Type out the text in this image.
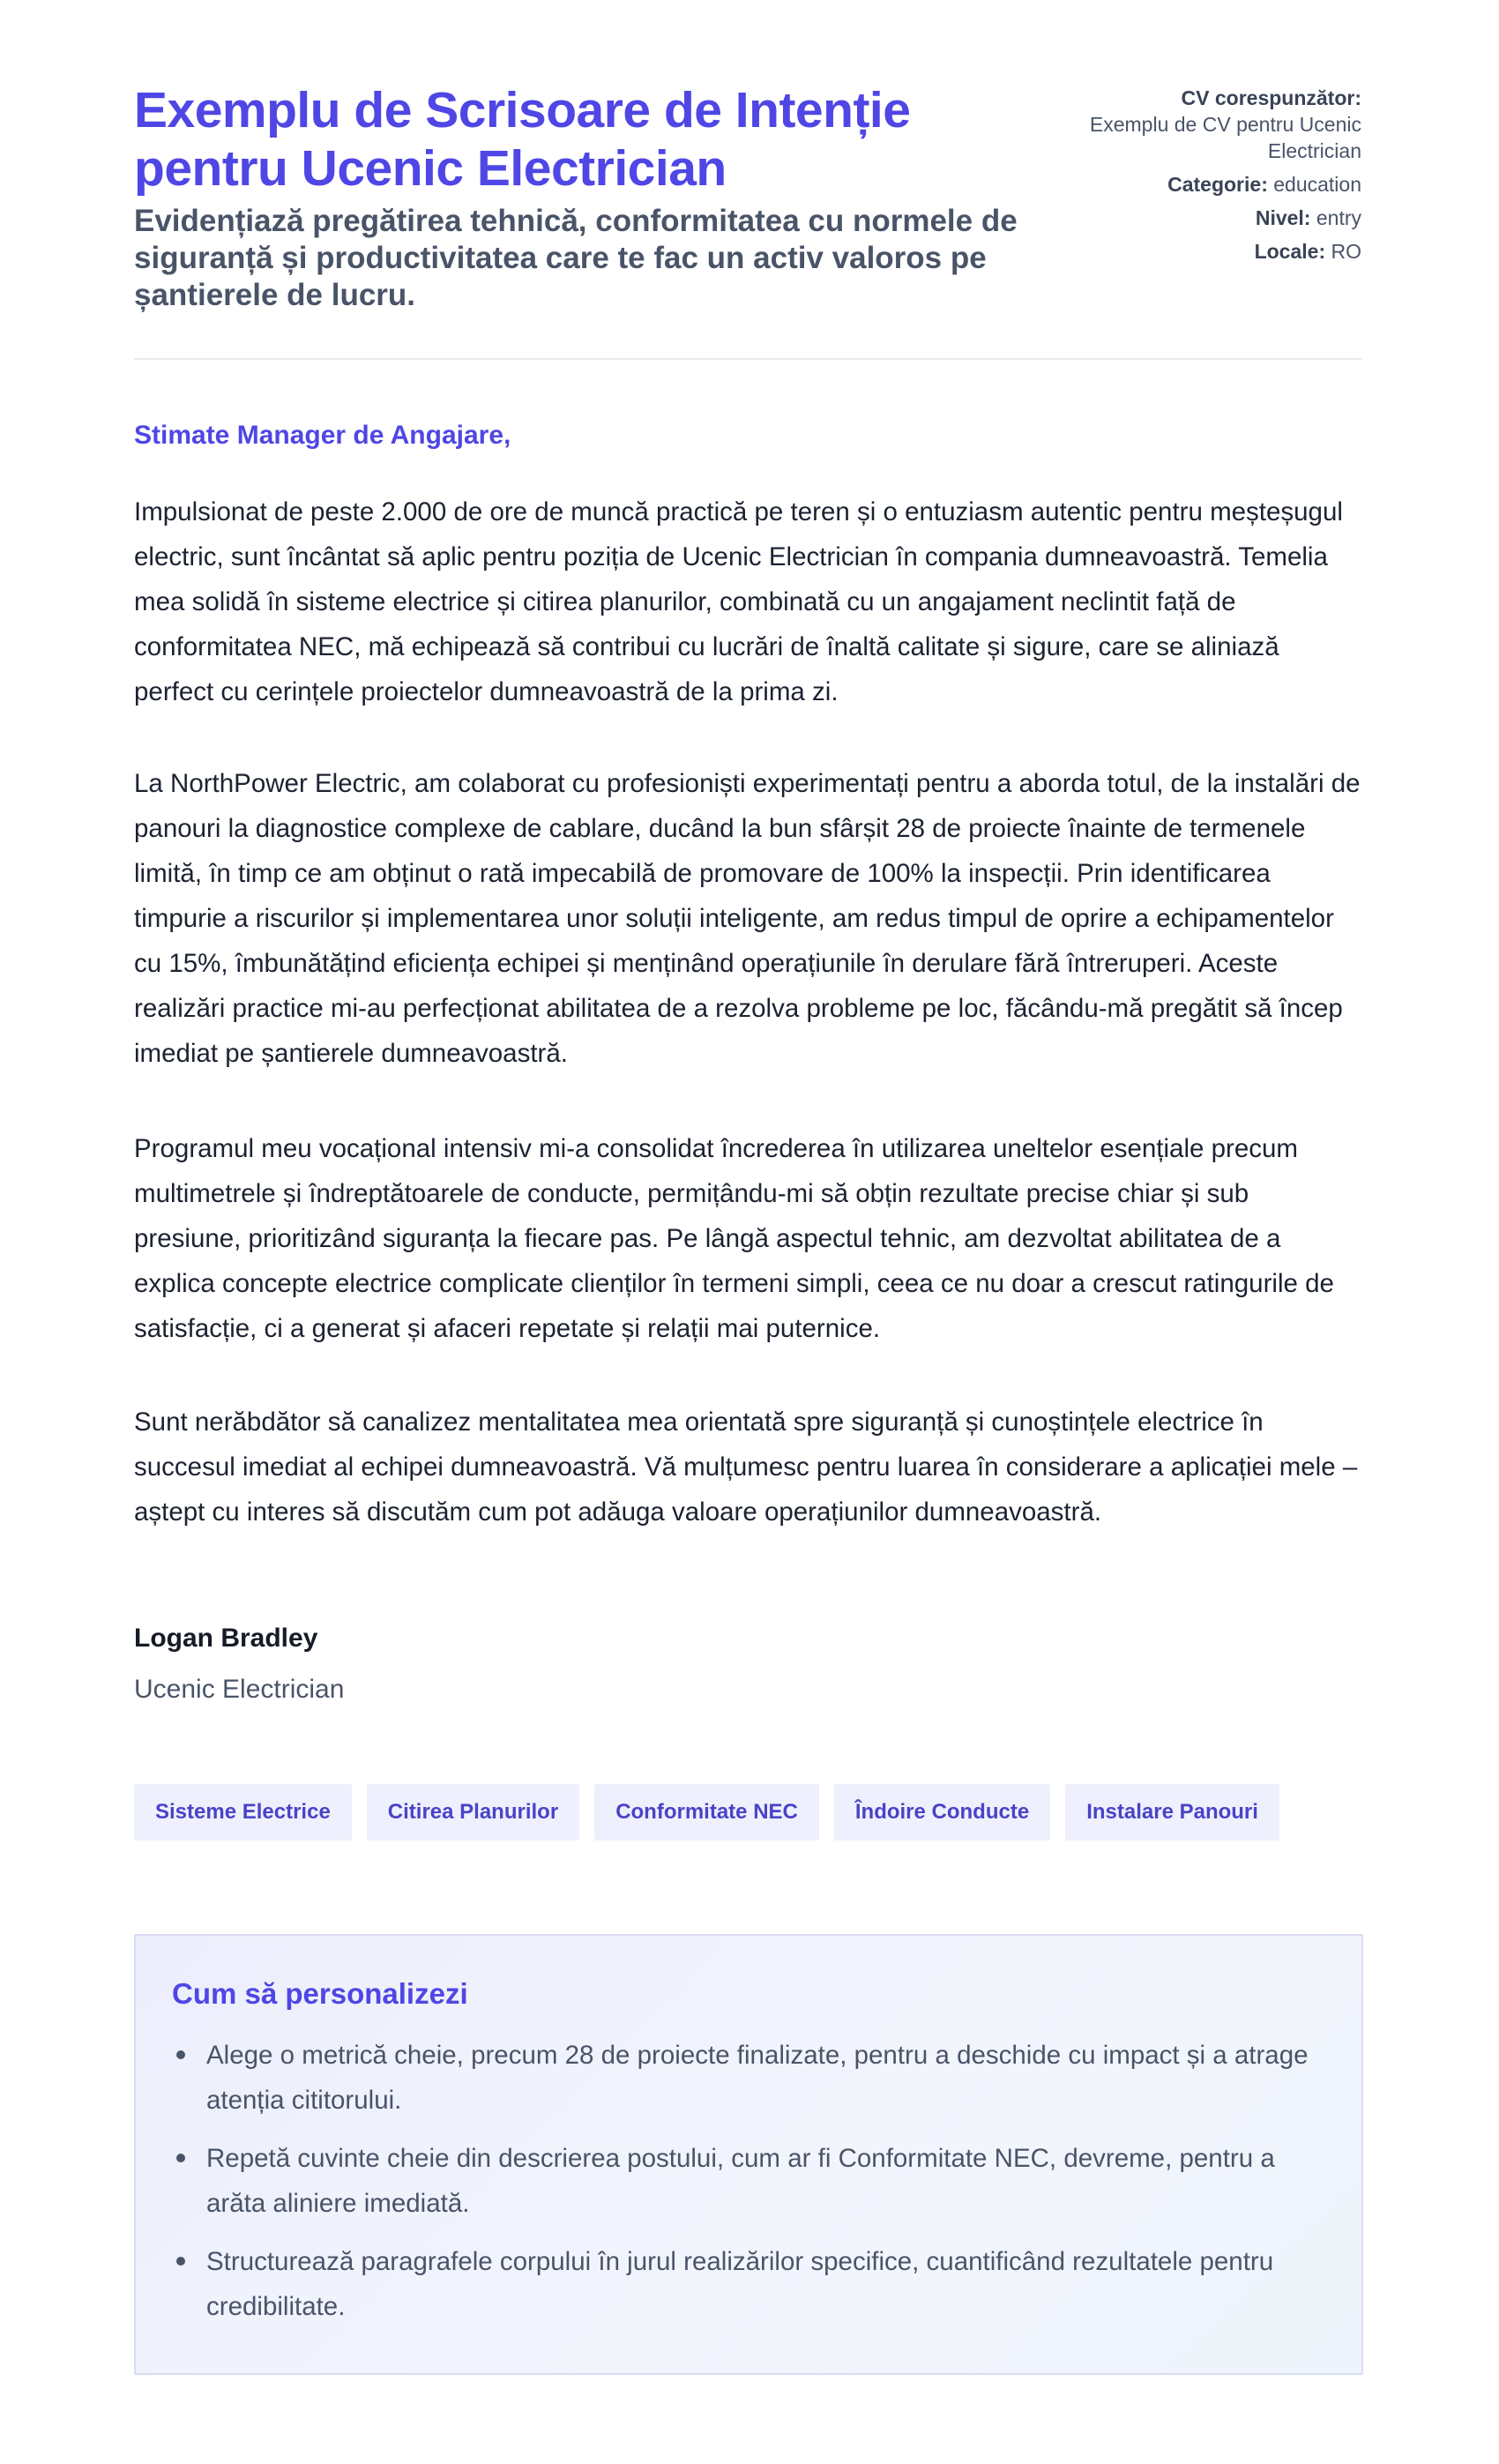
Exemplu de Scrisoare de Intenție pentru Ucenic Electrician
Evidențiază pregătirea tehnică, conformitatea cu normele de siguranță și productivitatea care te fac un activ valoros pe șantierele de lucru.
CV corespunzător:
Exemplu de CV pentru Ucenic Electrician
Categorie: education
Nivel: entry
Locale: RO

Stimate Manager de Angajare,

Impulsionat de peste 2.000 de ore de muncă practică pe teren și o entuziasm autentic pentru meșteșugul electric, sunt încântat să aplic pentru poziția de Ucenic Electrician în compania dumneavoastră. Temelia mea solidă în sisteme electrice și citirea planurilor, combinată cu un angajament neclintit față de conformitatea NEC, mă echipează să contribui cu lucrări de înaltă calitate și sigure, care se aliniază perfect cu cerințele proiectelor dumneavoastră de la prima zi.

La NorthPower Electric, am colaborat cu profesioniști experimentați pentru a aborda totul, de la instalări de panouri la diagnostice complexe de cablare, ducând la bun sfârșit 28 de proiecte înainte de termenele limită, în timp ce am obținut o rată impecabilă de promovare de 100% la inspecții. Prin identificarea timpurie a riscurilor și implementarea unor soluții inteligente, am redus timpul de oprire a echipamentelor cu 15%, îmbunătățind eficiența echipei și menținând operațiunile în derulare fără întreruperi. Aceste realizări practice mi-au perfecționat abilitatea de a rezolva probleme pe loc, făcându-mă pregătit să încep imediat pe șantierele dumneavoastră.

Programul meu vocațional intensiv mi-a consolidat încrederea în utilizarea uneltelor esențiale precum multimetrele și îndreptătoarele de conducte, permițându-mi să obțin rezultate precise chiar și sub presiune, prioritizând siguranța la fiecare pas. Pe lângă aspectul tehnic, am dezvoltat abilitatea de a explica concepte electrice complicate clienților în termeni simpli, ceea ce nu doar a crescut ratingurile de satisfacție, ci a generat și afaceri repetate și relații mai puternice.

Sunt nerăbdător să canalizez mentalitatea mea orientată spre siguranță și cunoștințele electrice în succesul imediat al echipei dumneavoastră. Vă mulțumesc pentru luarea în considerare a aplicației mele – aștept cu interes să discutăm cum pot adăuga valoare operațiunilor dumneavoastră.

Logan Bradley

Ucenic Electrician

Sisteme Electrice	Citirea Planurilor	Conformitate NEC	Îndoire Conducte	Instalare Panouri
Cum să personalizezi
Alege o metrică cheie, precum 28 de proiecte finalizate, pentru a deschide cu impact și a atrage atenția cititorului.
Repetă cuvinte cheie din descrierea postului, cum ar fi Conformitate NEC, devreme, pentru a arăta aliniere imediată.
Structurează paragrafele corpului în jurul realizărilor specifice, cuantificând rezultatele pentru credibilitate.
